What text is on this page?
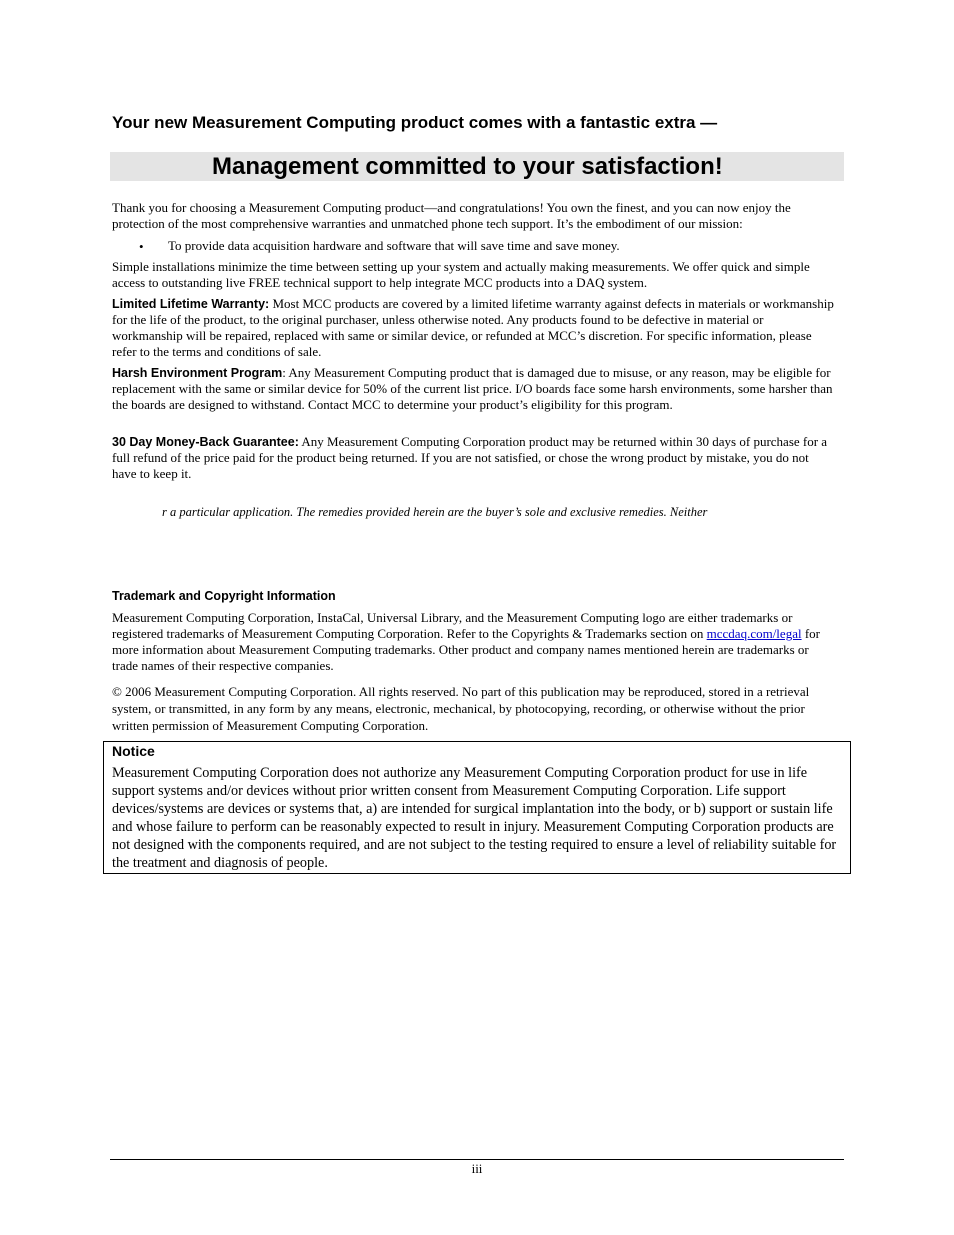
Your new Measurement Computing product comes with a fantastic extra —
Management committed to your satisfaction!

Thank you for choosing a Measurement Computing product—and congratulations! You own the finest, and you can now enjoy the protection of the most comprehensive warranties and unmatched phone tech support. It’s the embodiment of our mission:

• To provide data acquisition hardware and software that will save time and save money.

Simple installations minimize the time between setting up your system and actually making measurements. We offer quick and simple access to outstanding live FREE technical support to help integrate MCC products into a DAQ system.

Limited Lifetime Warranty: Most MCC products are covered by a limited lifetime warranty against defects in materials or workmanship for the life of the product, to the original purchaser, unless otherwise noted. Any products found to be defective in material or workmanship will be repaired, replaced with same or similar device, or refunded at MCC’s discretion. For specific information, please refer to the terms and conditions of sale.

Harsh Environment Program: Any Measurement Computing product that is damaged due to misuse, or any reason, may be eligible for replacement with the same or similar device for 50% of the current list price. I/O boards face some harsh environments, some harsher than the boards are designed to withstand. Contact MCC to determine your product’s eligibility for this program.

30 Day Money-Back Guarantee: Any Measurement Computing Corporation product may be returned within 30 days of purchase for a full refund of the price paid for the product being returned. If you are not satisfied, or chose the wrong product by mistake, you do not have to keep it.

r a particular application. The remedies provided herein are the buyer’s sole and exclusive remedies. Neither
Trademark and Copyright Information

Measurement Computing Corporation, InstaCal, Universal Library, and the Measurement Computing logo are either trademarks or registered trademarks of Measurement Computing Corporation. Refer to the Copyrights & Trademarks section on mccdaq.com/legal for more information about Measurement Computing trademarks. Other product and company names mentioned herein are trademarks or trade names of their respective companies.

© 2006 Measurement Computing Corporation. All rights reserved. No part of this publication may be reproduced, stored in a retrieval system, or transmitted, in any form by any means, electronic, mechanical, by photocopying, recording, or otherwise without the prior written permission of Measurement Computing Corporation.

Notice

Measurement Computing Corporation does not authorize any Measurement Computing Corporation product for use in life support systems and/or devices without prior written consent from Measurement Computing Corporation. Life support devices/systems are devices or systems that, a) are intended for surgical implantation into the body, or b) support or sustain life and whose failure to perform can be reasonably expected to result in injury. Measurement Computing Corporation products are not designed with the components required, and are not subject to the testing required to ensure a level of reliability suitable for the treatment and diagnosis of people.

iii
